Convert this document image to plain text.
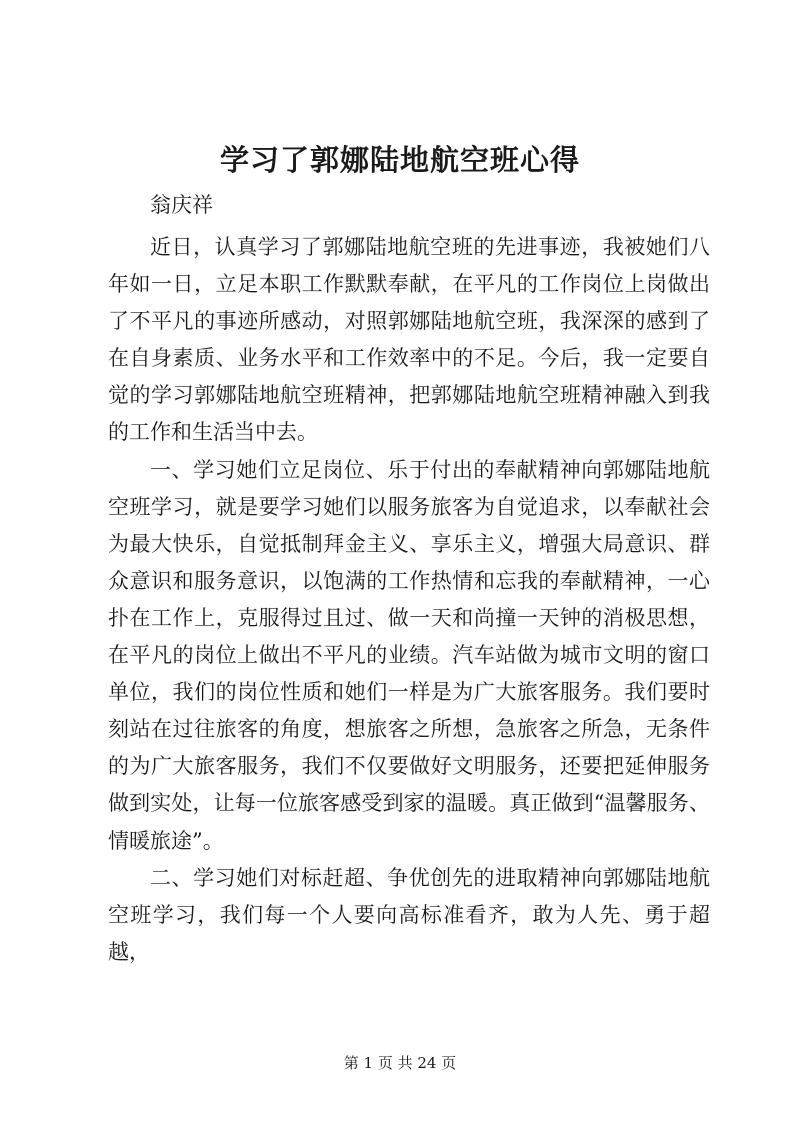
学习了郭娜陆地航空班心得

翁庆祥

近日，认真学习了郭娜陆地航空班的先进事迹，我被她们八年如一日，立足本职工作默默奉献，在平凡的工作岗位上岗做出了不平凡的事迹所感动，对照郭娜陆地航空班，我深深的感到了在自身素质、业务水平和工作效率中的不足。今后，我一定要自觉的学习郭娜陆地航空班精神，把郭娜陆地航空班精神融入到我的工作和生活当中去。

一、学习她们立足岗位、乐于付出的奉献精神向郭娜陆地航空班学习，就是要学习她们以服务旅客为自觉追求，以奉献社会为最大快乐，自觉抵制拜金主义、享乐主义，增强大局意识、群众意识和服务意识，以饱满的工作热情和忘我的奉献精神，一心扑在工作上，克服得过且过、做一天和尚撞一天钟的消极思想，在平凡的岗位上做出不平凡的业绩。汽车站做为城市文明的窗口单位，我们的岗位性质和她们一样是为广大旅客服务。我们要时刻站在过往旅客的角度，想旅客之所想，急旅客之所急，无条件的为广大旅客服务，我们不仅要做好文明服务，还要把延伸服务做到实处，让每一位旅客感受到家的温暖。真正做到“温馨服务、情暖旅途”。

二、学习她们对标赶超、争优创先的进取精神向郭娜陆地航空班学习，我们每一个人要向高标准看齐，敢为人先、勇于超越，

第 1 页 共 24 页
